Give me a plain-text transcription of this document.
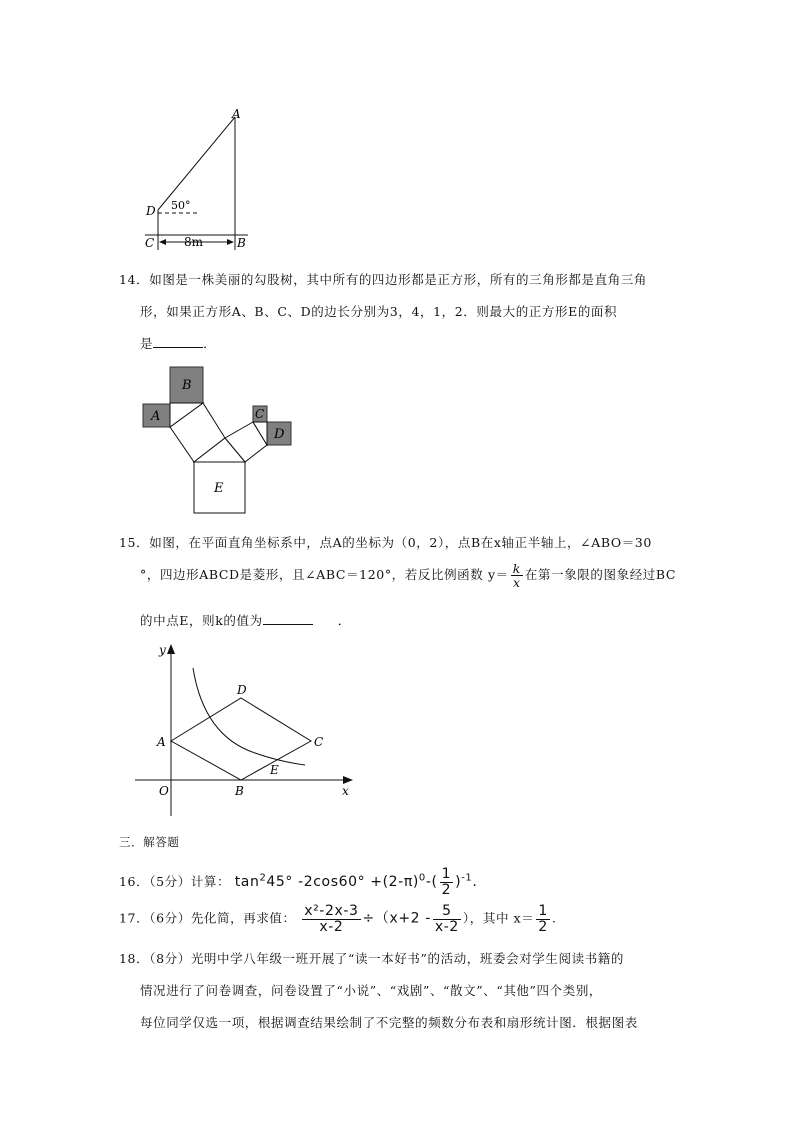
A
D 50°
C	B
8m
14．如图是一株美丽的勾股树，其中所有的四边形都是正方形，所有的三角形都是直角三角
形，如果正方形A、B、C、D的边长分别为3，4，1，2．则最大的正方形E的面积
是	．
B
A	C
D
E
15．如图，在平面直角坐标系中，点A的坐标为（0，2），点B在x轴正半轴上，∠ABO＝30
°，四边形ABCD是菱形，且∠ABC＝120°，若反比例函数 $y= \frac{k}{x}$ 在第一象限的图象经过BC
的中点E，则k的值为	．
y
x
O
A
B
C
D
E
三．解答题
16．（5分）计算： $\tan^245^\circ$ $-2\cos 60^\circ +(2-\pi)^0-( \frac{1}{2} )^{-1}$.
17．（6分）先化简，再求值： $\frac{\text{x²-2x-3}}{x-2} \div(x+2 - \frac{5}{x-2}$ ），其中 $x= \frac{1}{2}$ .
18．（8分）光明中学八年级一班开展了“读一本好书”的活动，班委会对学生阅读书籍的
情况进行了问卷调查，问卷设置了“小说”、“戏剧”、“散文”、“其他”四个类别，
每位同学仅选一项，根据调查结果绘制了不完整的频数分布表和扇形统计图．根据图表
